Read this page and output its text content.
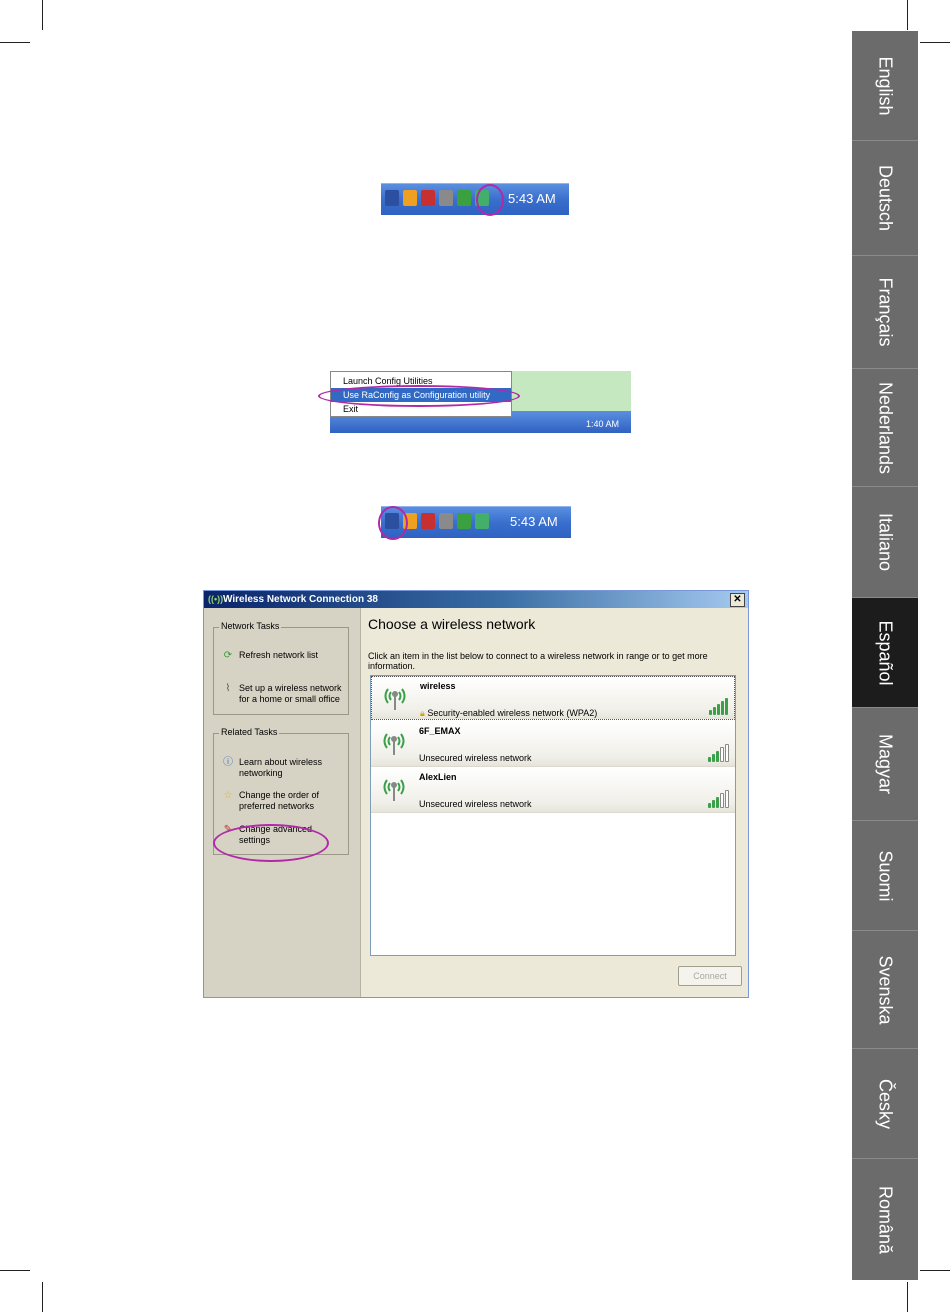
English
Deutsch
Français
Nederlands
Italiano
Español
Magyar
Suomi
Svenska
Česky
Română
5:43 AM
1:40 AM
Launch Config Utilities
Use RaConfig as Configuration utility
Exit
5:43 AM
((•)) Wireless Network Connection 38	✕
Network Tasks
⟳ Refresh network list
⌇ Set up a wireless network for a home or small office
Related Tasks
ⓘ Learn about wireless networking
☆ Change the order of preferred networks
✎ Change advanced settings
Choose a wireless network
Click an item in the list below to connect to a wireless network in range or to get more information.
wireless
🔒︎ Security-enabled wireless network (WPA2)
6F_EMAX
Unsecured wireless network
AlexLien
Unsecured wireless network
Connect
